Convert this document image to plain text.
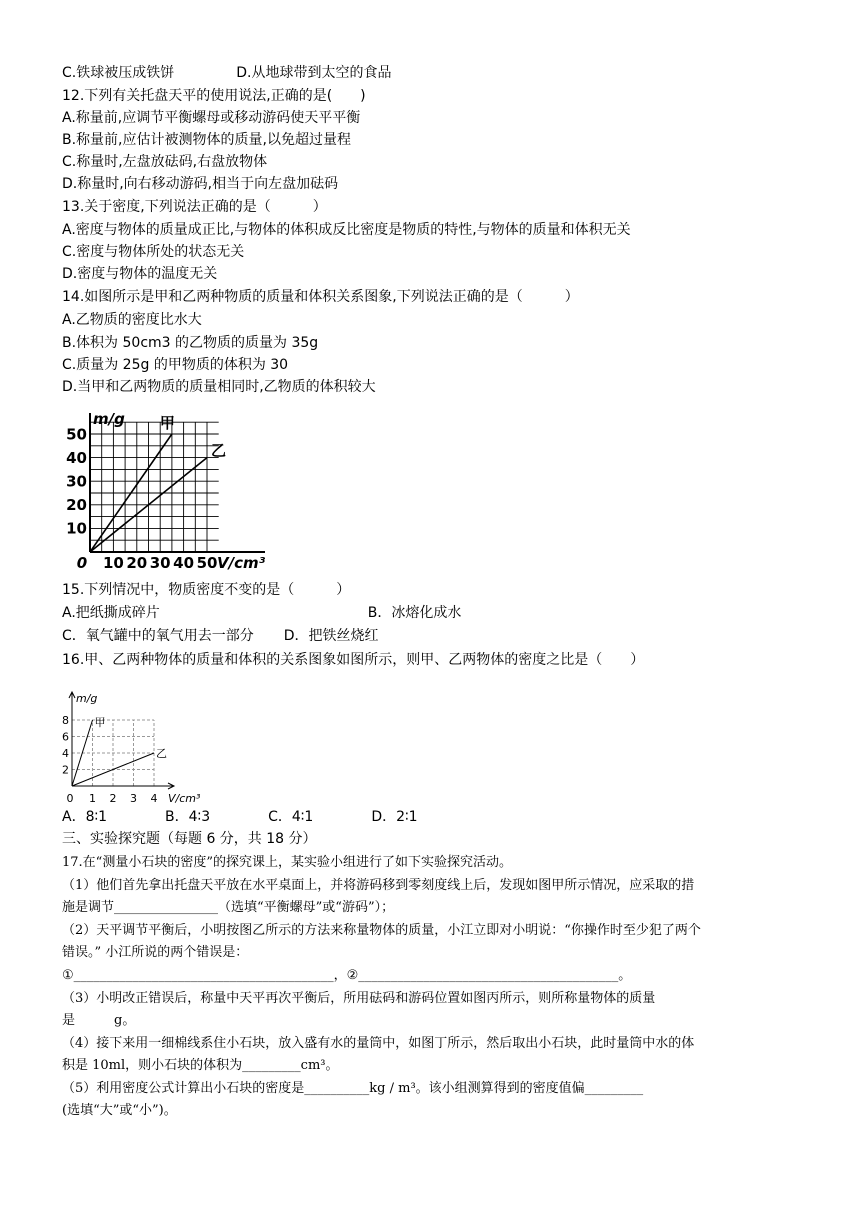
C.铁球被压成铁饼	D.从地球带到太空的食品
12.下列有关托盘天平的使用说法,正确的是(　　)
A.称量前,应调节平衡螺母或移动游码使天平平衡
B.称量前,应估计被测物体的质量,以免超过量程
C.称量时,左盘放砝码,右盘放物体
D.称量时,向右移动游码,相当于向左盘加砝码
13.关于密度,下列说法正确的是（　　　）
A.密度与物体的质量成正比,与物体的体积成反比密度是物质的特性,与物体的质量和体积无关
C.密度与物体所处的状态无关
D.密度与物体的温度无关
14.如图所示是甲和乙两种物质的质量和体积关系图象,下列说法正确的是（　　　）
A.乙物质的密度比水大
B.体积为 50cm3 的乙物质的质量为 35g
C.质量为 25g 的甲物质的体积为 30
D.当甲和乙两物质的质量相同时,乙物质的体积较大
0 10 20 30 40 50
10
20
30
40
50
V/cm³
m/g 甲
乙
15.下列情况中，物质密度不变的是（　　　）
A.把纸撕成碎片	B．冰熔化成水
C．氧气罐中的氧气用去一部分 D．把铁丝烧红
16.甲、乙两种物体的质量和体积的关系图象如图所示，则甲、乙两物体的密度之比是（　　）
0 1 2 3 4
2
4
6
8
V/cm³
m/g
甲
乙
A．8∶1	B．4∶3	C．4∶1	D．2∶1
三、实验探究题（每题 6 分，共 18 分）
17.在“测量小石块的密度”的探究课上，某实验小组进行了如下实验探究活动。
（1）他们首先拿出托盘天平放在水平桌面上，并将游码移到零刻度线上后，发现如图甲所示情况，应采取的措
施是调节________________（选填“平衡螺母”或“游码”）；
（2）天平调节平衡后，小明按图乙所示的方法来称量物体的质量，小江立即对小明说：“你操作时至少犯了两个
错误。” 小江所说的两个错误是：
①________________________________________，②________________________________________。
（3）小明改正错误后，称量中天平再次平衡后，所用砝码和游码位置如图丙所示，则所称量物体的质量
是　　　g。
（4）接下来用一细棉线系住小石块，放入盛有水的量筒中，如图丁所示，然后取出小石块，此时量筒中水的体
积是 10ml，则小石块的体积为_________cm³。
（5）利用密度公式计算出小石块的密度是__________kg / m³。该小组测算得到的密度值偏_________
(选填“大”或“小”)。
